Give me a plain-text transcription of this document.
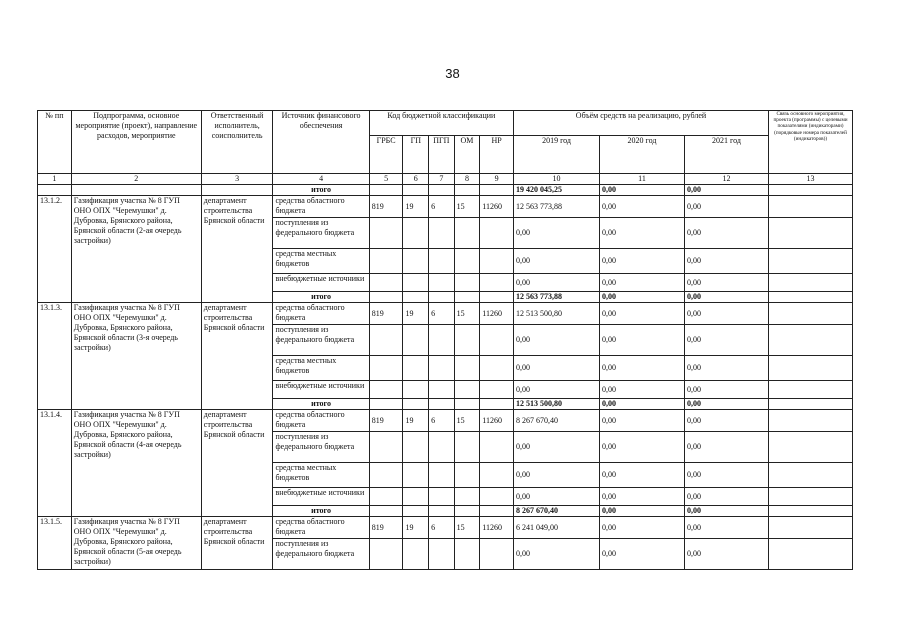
38
№ пп	Подпрограмма, основное мероприятие (проект), направление расходов, мероприятие	Ответственный исполнитель, соисполнитель	Источник финансового обеспечения	Код бюджетной классификации					Объём средств на реализацию, рублей			Связь основного мероприятия, проекта (программы) с целевыми показателями (индикаторами) (порядковые номера показателей (индикаторов))
				ГРБС	ГП	ПГП	ОМ	НР	2019 год	2020 год	2021 год	
1	2	3	4	5	6	7	8	9	10	11	12	13
			итого						19 420 045,25	0,00	0,00	
13.1.2.	Газификация участка № 8 ГУП ОНО ОПХ "Черемушки" д. Дубровка, Брянского района, Брянской области (2-ая очередь застройки)	департамент строительства Брянской области	средства областного бюджета	819	19	6	15	11260	12 563 773,88	0,00	0,00	
			поступления из федерального бюджета						0,00	0,00	0,00	
			средства местных бюджетов						0,00	0,00	0,00	
			внебюджетные источники						0,00	0,00	0,00	
			итого						12 563 773,88	0,00	0,00	
13.1.3.	Газификация участка № 8 ГУП ОНО ОПХ "Черемушки" д. Дубровка, Брянского района, Брянской области (3-я очередь застройки)	департамент строительства Брянской области	средства областного бюджета	819	19	6	15	11260	12 513 500,80	0,00	0,00	
			поступления из федерального бюджета						0,00	0,00	0,00	
			средства местных бюджетов						0,00	0,00	0,00	
			внебюджетные источники						0,00	0,00	0,00	
			итого						12 513 500,80	0,00	0,00	
13.1.4.	Газификация участка № 8 ГУП ОНО ОПХ "Черемушки" д. Дубровка, Брянского района, Брянской области (4-ая очередь застройки)	департамент строительства Брянской области	средства областного бюджета	819	19	6	15	11260	8 267 670,40	0,00	0,00	
			поступления из федерального бюджета						0,00	0,00	0,00	
			средства местных бюджетов						0,00	0,00	0,00	
			внебюджетные источники						0,00	0,00	0,00	
			итого						8 267 670,40	0,00	0,00	
13.1.5.	Газификация участка № 8 ГУП ОНО ОПХ "Черемушки" д. Дубровка, Брянского района, Брянской области (5-ая очередь застройки)	департамент строительства Брянской области	средства областного бюджета	819	19	6	15	11260	6 241 049,00	0,00	0,00	
			поступления из федерального бюджета						0,00	0,00	0,00	
